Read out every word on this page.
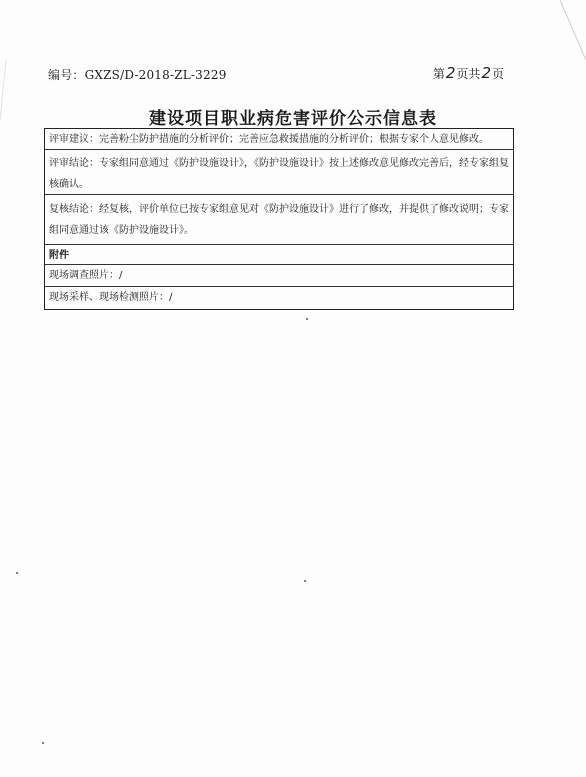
编号：GXZS/D-2018-ZL-3229	第 2 页共 2 页
建设项目职业病危害评价公示信息表
评审建议：完善粉尘防护措施的分析评价；完善应急救援措施的分析评价；根据专家个人意见修改。
评审结论：专家组同意通过《防护设施设计》，《防护设施设计》按上述修改意见修改完善后，经专家组复核确认。
复核结论：经复核，评价单位已按专家组意见对《防护设施设计》进行了修改，并提供了修改说明；专家组同意通过该《防护设施设计》。
附件
现场调查照片：/
现场采样、现场检测照片：/
